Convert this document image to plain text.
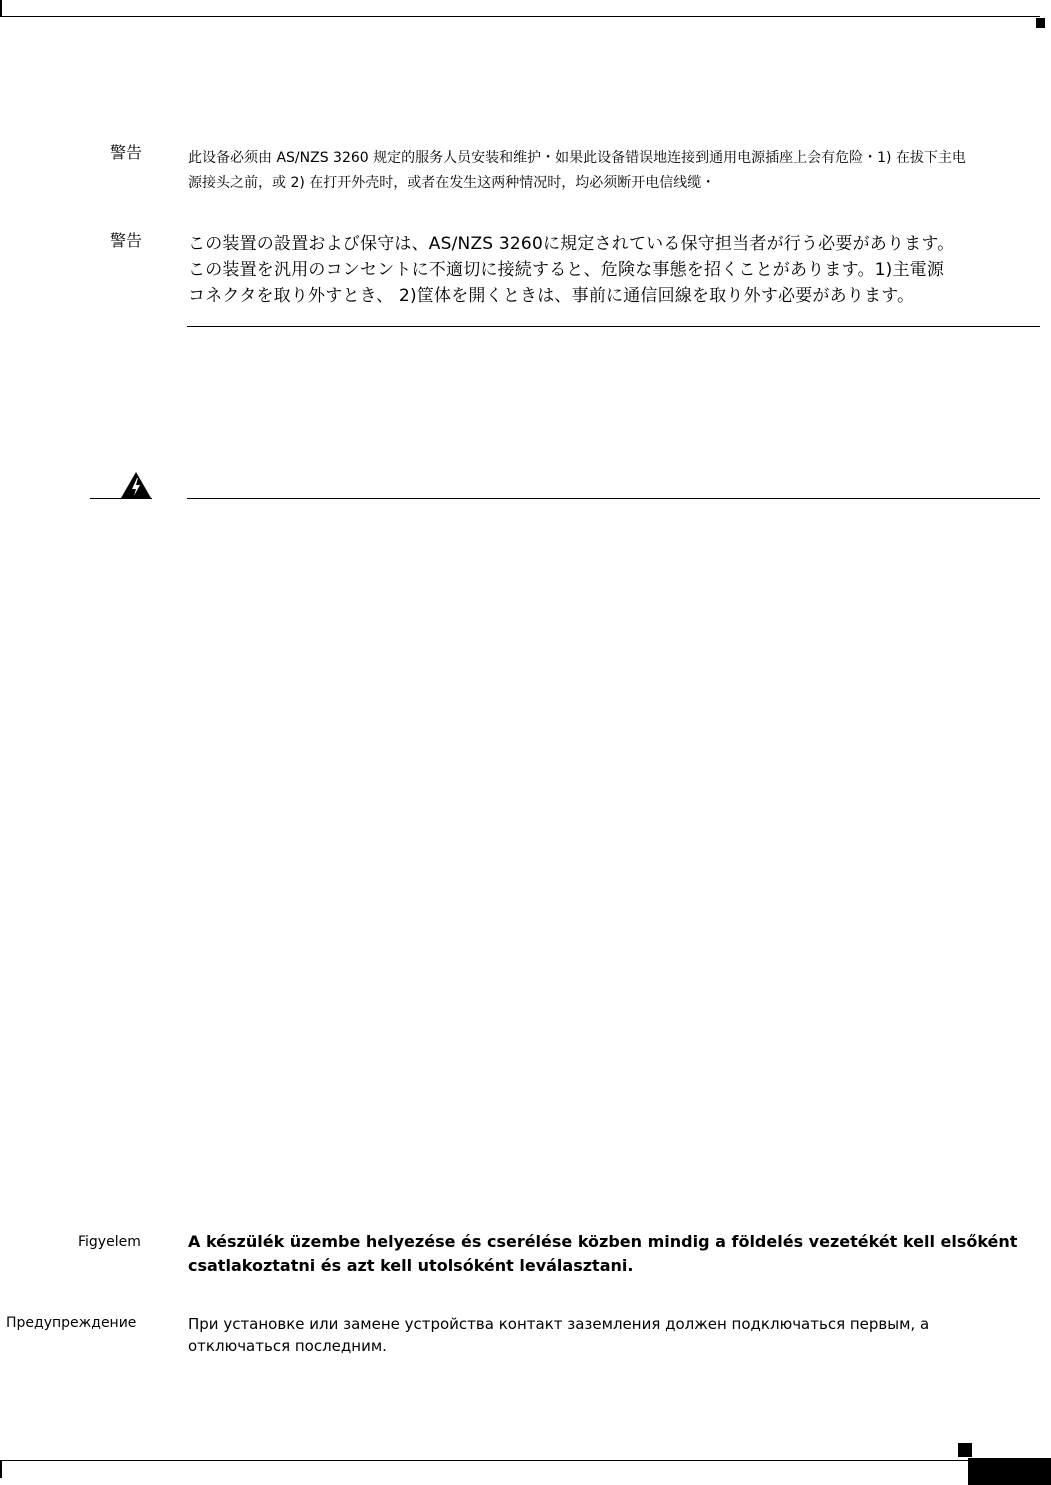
警告	此设备必须由 AS/NZS 3260 规定的服务人员安装和维护・如果此设备错误地连接到通用电源插座上会有危险・1) 在拔下主电
源接头之前，或 2) 在打开外壳时，或者在发生这两种情况时，均必须断开电信线缆・
警告	この装置の設置および保守は、AS/NZS 3260に規定されている保守担当者が行う必要があります。
この装置を汎用のコンセントに不適切に接続すると、危険な事態を招くことがあります。1)主電源
コネクタを取り外すとき、 2)筐体を開くときは、事前に通信回線を取り外す必要があります。
Figyelem	A készülék üzembe helyezése és cserélése közben mindig a földelés vezetékét kell elsőként
csatlakoztatni és azt kell utolsóként leválasztani.
Предупреждение	При установке или замене устройства контакт заземления должен подключаться первым, а
отключаться последним.
